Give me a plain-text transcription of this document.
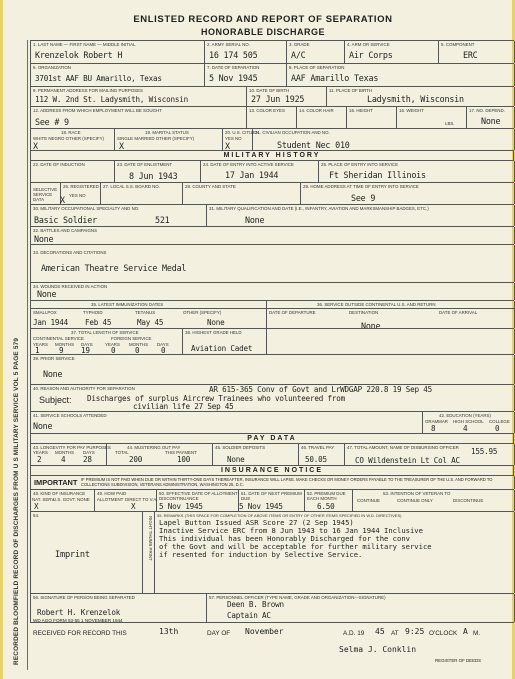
RECORDED BLOOMFIELD RECORD OF DISCHARGES FROM U S MILITARY SERVICE VOL 5 PAGE 579
ENLISTED RECORD AND REPORT OF SEPARATION
HONORABLE DISCHARGE
1. LAST NAME — FIRST NAME — MIDDLE INITIAL
Krenzelok Robert H
2. ARMY SERIAL NO.
16 174 505
3. GRADE
A/C
4. ARM OR SERVICE
Air Corps
5. COMPONENT
ERC
6. ORGANIZATION
3701st AAF BU Amarillo, Texas
7. DATE OF SEPARATION
5 Nov 1945
8. PLACE OF SEPARATION
AAF Amarillo Texas
9. PERMANENT ADDRESS FOR MAILING PURPOSES
112 W. 2nd St. Ladysmith, Wisconsin
10. DATE OF BIRTH
27 Jun 1925
11. PLACE OF BIRTH
Ladysmith, Wisconsin
12. ADDRESS FROM WHICH EMPLOYMENT WILL BE SOUGHT
See # 9
13. COLOR EYES	14. COLOR HAIR	15. HEIGHT	16. WEIGHT
LBS.
17. NO. DEPEND.
None
18. RACE
WHITE NEGRO OTHER (SPECIFY)
X
19. MARITAL STATUS
SINGLE MARRIED OTHER (SPECIFY)
X
20. U.S. CITIZEN
YES NO
X
21. CIVILIAN OCCUPATION AND NO.
Student Nec 010
MILITARY HISTORY
22. DATE OF INDUCTION	23. DATE OF ENLISTMENT
8 Jun 1943
24. DATE OF ENTRY INTO ACTIVE SERVICE
17 Jan 1944
25. PLACE OF ENTRY INTO SERVICE
Ft Sheridan Illinois
SELECTIVE SERVICE DATA
26. REGISTERED
YES NO
X
27. LOCAL S.S. BOARD NO.	28. COUNTY AND STATE	29. HOME ADDRESS AT TIME OF ENTRY INTO SERVICE
See 9
30. MILITARY OCCUPATIONAL SPECIALTY AND NO.
Basic Soldier	521
31. MILITARY QUALIFICATION AND DATE (I.E., INFANTRY, AVIATION AND MARKSMANSHIP BADGES, ETC.)
None
32. BATTLES AND CAMPAIGNS
None
33. DECORATIONS AND CITATIONS
American Theatre Service Medal
34. WOUNDS RECEIVED IN ACTION
None
35. LATEST IMMUNIZATION DATES
SMALLPOX	TYPHOID	TETANUS	OTHER (SPECIFY)
Jan 1944 Feb 45	May 45	None
36. SERVICE OUTSIDE CONTINENTAL U.S. AND RETURN
DATE OF DEPARTURE	DESTINATION	DATE OF ARRIVAL
None
37. TOTAL LENGTH OF SERVICE
CONTINENTAL SERVICE	FOREIGN SERVICE
YEARS MONTHS DAYS	YEARS MONTHS DAYS
1	9 19	0	0	0
38. HIGHEST GRADE HELD
Aviation Cadet
39. PRIOR SERVICE
None
40. REASON AND AUTHORITY FOR SEPARATION	AR 615-365 Conv of Govt and LrWDGAP 220.8 19 Sep 45
Subject: Discharges of surplus Aircrew Trainees who volunteered from
civilian life 27 Sep 45
41. SERVICE SCHOOLS ATTENDED
None
42. EDUCATION (YEARS)
GRAMMAR HIGH SCHOOL COLLEGE
8	4	0
PAY DATA
43. LONGEVITY FOR PAY PURPOSES
YEARS MONTHS DAYS
2	4 28
44. MUSTERING OUT PAY
TOTAL	THIS PAYMENT
200	100
45. SOLDIER DEPOSITS
None
46. TRAVEL PAY
50.05
47. TOTAL AMOUNT, NAME OF DISBURSING OFFICER 155.95
CO Wildenstein Lt Col AC
INSURANCE NOTICE
IMPORTANT IF PREMIUM IS NOT PAID WHEN DUE OR WITHIN THIRTY-ONE DAYS THEREAFTER, INSURANCE WILL LAPSE. MAKE CHECKS OR MONEY ORDERS PAYABLE TO THE TREASURER OF THE U.S. AND FORWARD TO COLLECTIONS SUBDIVISION, VETERANS ADMINISTRATION, WASHINGTON 25, D.C.
48. KIND OF INSURANCE
NAT. SERV.
U.S. GOVT. NONE
X
49. HOW PAID
ALLOTMENT DIRECT TO V.A.
X
50. EFFECTIVE DATE OF ALLOTMENT DISCONTINUANCE
5 Nov 1945
51. DATE OF NEXT PREMIUM DUE
5 Nov 1945
52. PREMIUM DUE EACH MONTH
6.50
53. INTENTION OF VETERAN TO
CONTINUE	CONTINUE ONLY	DISCONTINUE
54.
Imprint	RIGHT THUMB PRINT
55. REMARKS (THIS SPACE FOR COMPLETION OF ABOVE ITEMS OR ENTRY OF OTHER ITEMS SPECIFIED IN W.D. DIRECTIVES)
Lapel Button Issued ASR Score 27 (2 Sep 1945)
Inactive Service ERC from 8 Jun 1943 to 16 Jan 1944 Inclusive
This individual has been Honorably Discharged for the conv
of the Govt and will be acceptable for further military service
if resented for induction by Selective Service.
56. SIGNATURE OF PERSON BEING SEPARATED
Robert H. Krenzelok
57. PERSONNEL OFFICER (TYPE NAME, GRADE AND ORGANIZATION—SIGNATURE)
Deen B. Brown
Captain AC
WD AGO FORM 53-55 1 NOVEMBER 1944
RECEIVED FOR RECORD THIS	13th	DAY OF November	A.D. 19 45 AT 9:25 O'CLOCK A M.
Selma J. Conklin
REGISTER OF DEEDS
